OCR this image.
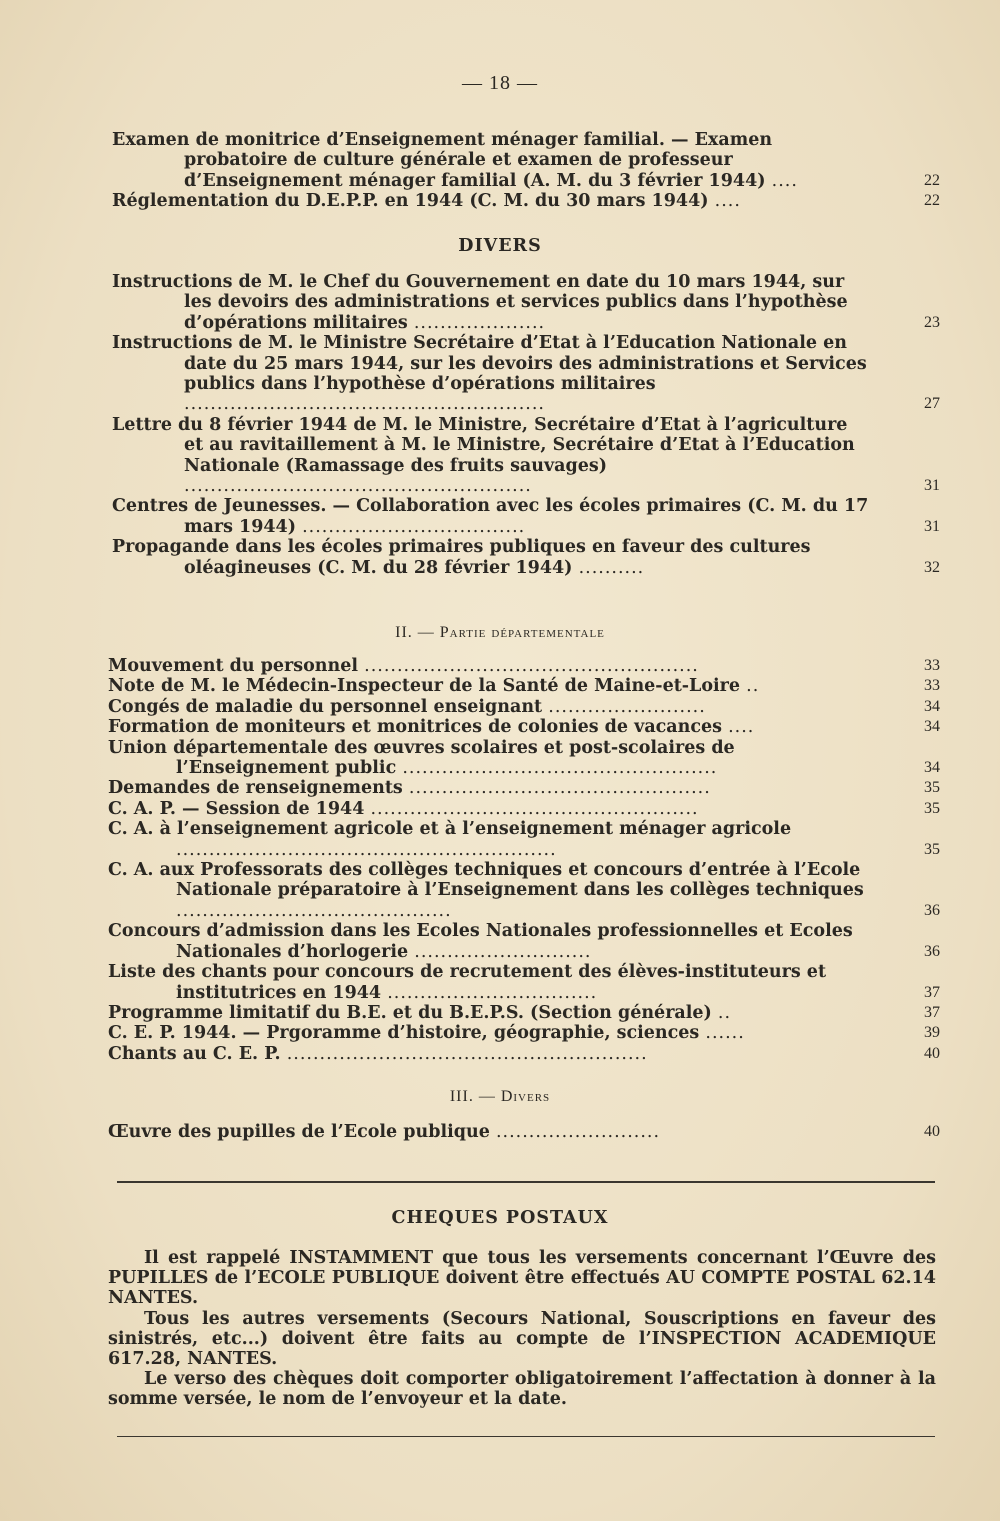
— 18 —
Examen de monitrice d’Enseignement ménager familial. — Examen probatoire de culture générale et examen de professeur d’Enseignement ménager familial (A. M. du 3 février 1944) ....	22
Réglementation du D.E.P.P. en 1944 (C. M. du 30 mars 1944) ....	22
DIVERS
Instructions de M. le Chef du Gouvernement en date du 10 mars 1944, sur les devoirs des administrations et services publics dans l’hypothèse d’opérations militaires ....................	23
Instructions de M. le Ministre Secrétaire d’Etat à l’Education Nationale en date du 25 mars 1944, sur les devoirs des administrations et Services publics dans l’hypothèse d’opérations militaires .......................................................	27
Lettre du 8 février 1944 de M. le Ministre, Secrétaire d’Etat à l’agriculture et au ravitaillement à M. le Ministre, Secrétaire d’Etat à l’Education Nationale (Ramassage des fruits sauvages) .....................................................	31
Centres de Jeunesses. — Collaboration avec les écoles primaires (C. M. du 17 mars 1944) ..................................	31
Propagande dans les écoles primaires publiques en faveur des cultures oléagineuses (C. M. du 28 février 1944) ..........	32
II. — Partie départementale
Mouvement du personnel ...................................................	33
Note de M. le Médecin-Inspecteur de la Santé de Maine-et-Loire ..	33
Congés de maladie du personnel enseignant ........................	34
Formation de moniteurs et monitrices de colonies de vacances ....	34
Union départementale des œuvres scolaires et post-scolaires de l’Enseignement public ................................................	34
Demandes de renseignements ..............................................	35
C. A. P. — Session de 1944 ..................................................	35
C. A. à l’enseignement agricole et à l’enseignement ménager agricole ..........................................................	35
C. A. aux Professorats des collèges techniques et concours d’entrée à l’Ecole Nationale préparatoire à l’Enseignement dans les collèges techniques ..........................................	36
Concours d’admission dans les Ecoles Nationales professionnelles et Ecoles Nationales d’horlogerie ...........................	36
Liste des chants pour concours de recrutement des élèves-instituteurs et institutrices en 1944 ................................	37
Programme limitatif du B.E. et du B.E.P.S. (Section générale) ..	37
C. E. P. 1944. — Prgoramme d’histoire, géographie, sciences ......	39
Chants au C. E. P. .......................................................	40
III. — Divers
Œuvre des pupilles de l’Ecole publique .........................	40
CHEQUES POSTAUX

Il est rappelé INSTAMMENT que tous les versements concernant l’Œuvre des PUPILLES de l’ECOLE PUBLIQUE doivent être effectués AU COMPTE POSTAL 62.14 NANTES.

Tous les autres versements (Secours National, Souscriptions en faveur des sinistrés, etc...) doivent être faits au compte de l’INSPECTION ACADEMIQUE 617.28, NANTES.

Le verso des chèques doit comporter obligatoirement l’affectation à donner à la somme versée, le nom de l’envoyeur et la date.
